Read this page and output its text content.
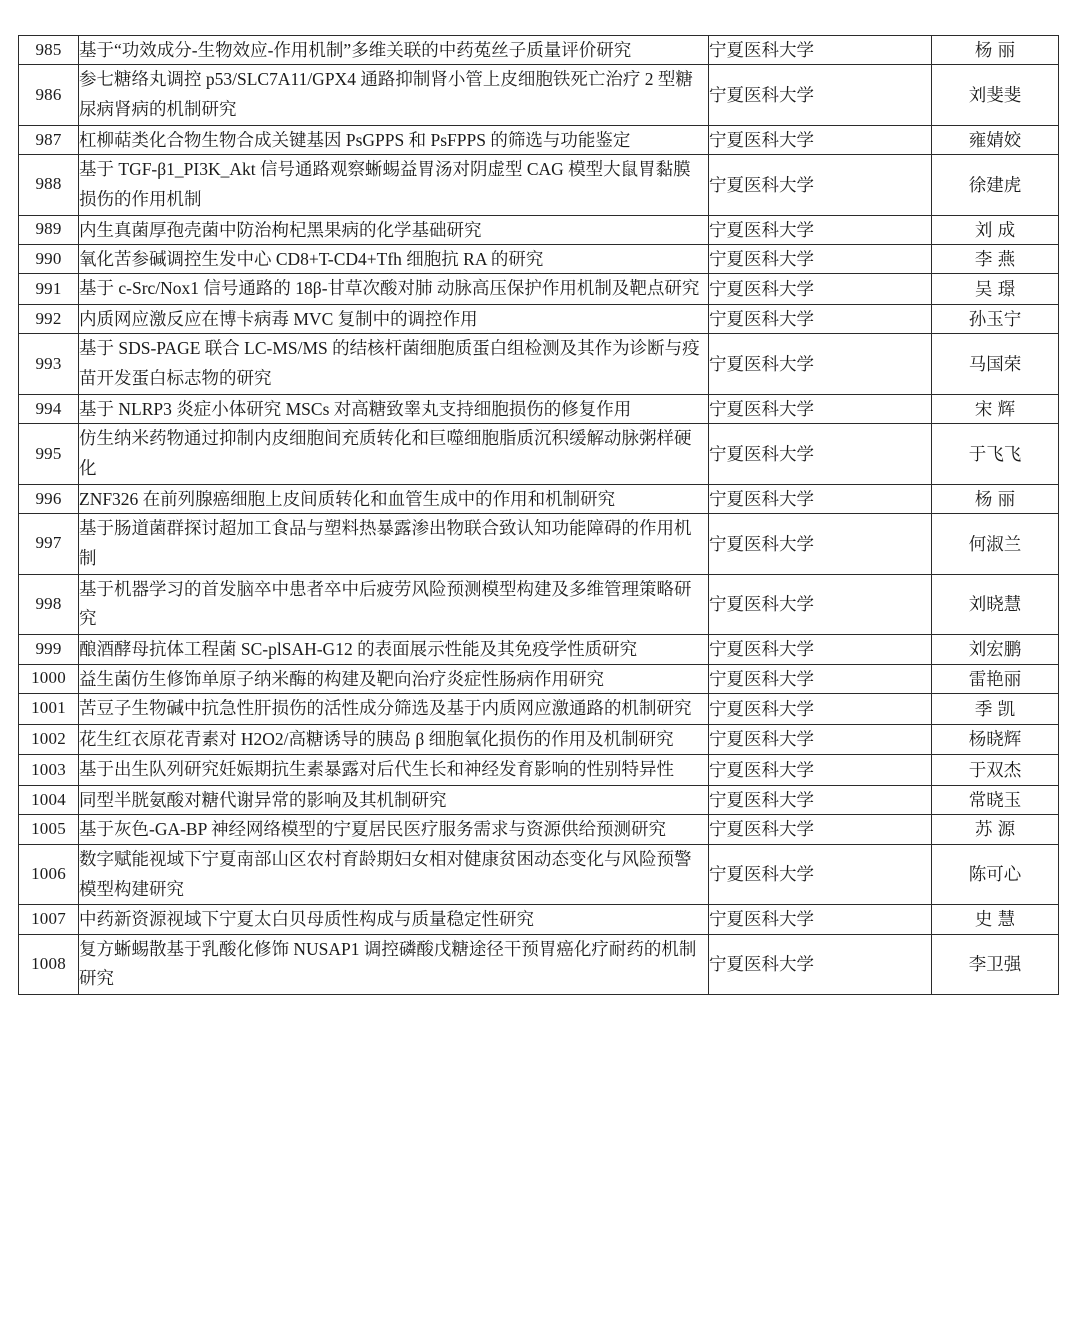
985	基于“功效成分-生物效应-作用机制”多维关联的中药菟丝子质量评价研究	宁夏医科大学	杨丽
986	参七糖络丸调控 p53/SLC7A11/GPX4 通路抑制肾小管上皮细胞铁死亡治疗 2 型糖尿病肾病的机制研究	宁夏医科大学	刘斐斐
987	杠柳萜类化合物生物合成关键基因 PsGPPS 和 PsFPPS 的筛选与功能鉴定	宁夏医科大学	雍婧姣
988	基于 TGF-β1_PI3K_Akt 信号通路观察蜥蜴益胃汤对阴虚型 CAG 模型大鼠胃黏膜损伤的作用机制	宁夏医科大学	徐建虎
989	内生真菌厚孢壳菌中防治枸杞黑果病的化学基础研究	宁夏医科大学	刘成
990	氧化苦参碱调控生发中心 CD8+T-CD4+Tfh 细胞抗 RA 的研究	宁夏医科大学	李燕
991	基于 c-Src/Nox1 信号通路的 18β-甘草次酸对肺 动脉高压保护作用机制及靶点研究	宁夏医科大学	吴璟
992	内质网应激反应在博卡病毒 MVC 复制中的调控作用	宁夏医科大学	孙玉宁
993	基于 SDS-PAGE 联合 LC-MS/MS 的结核杆菌细胞质蛋白组检测及其作为诊断与疫苗开发蛋白标志物的研究	宁夏医科大学	马国荣
994	基于 NLRP3 炎症小体研究 MSCs 对高糖致睾丸支持细胞损伤的修复作用	宁夏医科大学	宋辉
995	仿生纳米药物通过抑制内皮细胞间充质转化和巨噬细胞脂质沉积缓解动脉粥样硬化	宁夏医科大学	于飞飞
996	ZNF326 在前列腺癌细胞上皮间质转化和血管生成中的作用和机制研究	宁夏医科大学	杨丽
997	基于肠道菌群探讨超加工食品与塑料热暴露渗出物联合致认知功能障碍的作用机制	宁夏医科大学	何淑兰
998	基于机器学习的首发脑卒中患者卒中后疲劳风险预测模型构建及多维管理策略研究	宁夏医科大学	刘晓慧
999	酿酒酵母抗体工程菌 SC-plSAH-G12 的表面展示性能及其免疫学性质研究	宁夏医科大学	刘宏鹏
1000	益生菌仿生修饰单原子纳米酶的构建及靶向治疗炎症性肠病作用研究	宁夏医科大学	雷艳丽
1001	苦豆子生物碱中抗急性肝损伤的活性成分筛选及基于内质网应激通路的机制研究	宁夏医科大学	季凯
1002	花生红衣原花青素对 H2O2/高糖诱导的胰岛 β 细胞氧化损伤的作用及机制研究	宁夏医科大学	杨晓辉
1003	基于出生队列研究妊娠期抗生素暴露对后代生长和神经发育影响的性别特异性	宁夏医科大学	于双杰
1004	同型半胱氨酸对糖代谢异常的影响及其机制研究	宁夏医科大学	常晓玉
1005	基于灰色-GA-BP 神经网络模型的宁夏居民医疗服务需求与资源供给预测研究	宁夏医科大学	苏源
1006	数字赋能视域下宁夏南部山区农村育龄期妇女相对健康贫困动态变化与风险预警模型构建研究	宁夏医科大学	陈可心
1007	中药新资源视域下宁夏太白贝母质性构成与质量稳定性研究	宁夏医科大学	史慧
1008	复方蜥蜴散基于乳酸化修饰 NUSAP1 调控磷酸戊糖途径干预胃癌化疗耐药的机制研究	宁夏医科大学	李卫强
